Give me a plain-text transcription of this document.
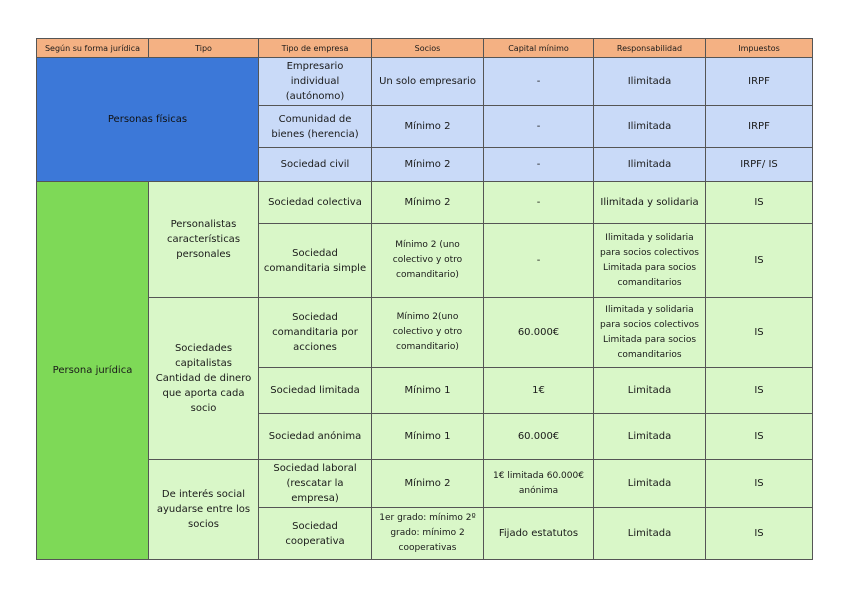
Según su forma jurídica	Tipo	Tipo de empresa	Socios	Capital mínimo	Responsabilidad	Impuestos
Personas físicas		Empresario individual (autónomo)	Un solo empresario	-	Ilimitada	IRPF
		Comunidad de bienes (herencia)	Mínimo 2	-	Ilimitada	IRPF
		Sociedad civil	Mínimo 2	-	Ilimitada	IRPF/ IS
Persona jurídica	Personalistas características personales	Sociedad colectiva	Mínimo 2	-	Ilimitada y solidaria	IS
		Sociedad comanditaria simple	Mínimo 2 (uno colectivo y otro comanditario)	-	Ilimitada y solidaria para socios colectivos Limitada para socios comanditarios	IS
	Sociedades capitalistas Cantidad de dinero que aporta cada socio	Sociedad comanditaria por acciones	Mínimo 2(uno colectivo y otro comanditario)	60.000€	Ilimitada y solidaria para socios colectivos Limitada para socios comanditarios	IS
		Sociedad limitada	Mínimo 1	1€	Limitada	IS
		Sociedad anónima	Mínimo 1	60.000€	Limitada	IS
	De interés social ayudarse entre los socios	Sociedad laboral (rescatar la empresa)	Mínimo 2	1€ limitada 60.000€ anónima	Limitada	IS
		Sociedad cooperativa	1er grado: mínimo 2º grado: mínimo 2 cooperativas	Fijado estatutos	Limitada	IS
